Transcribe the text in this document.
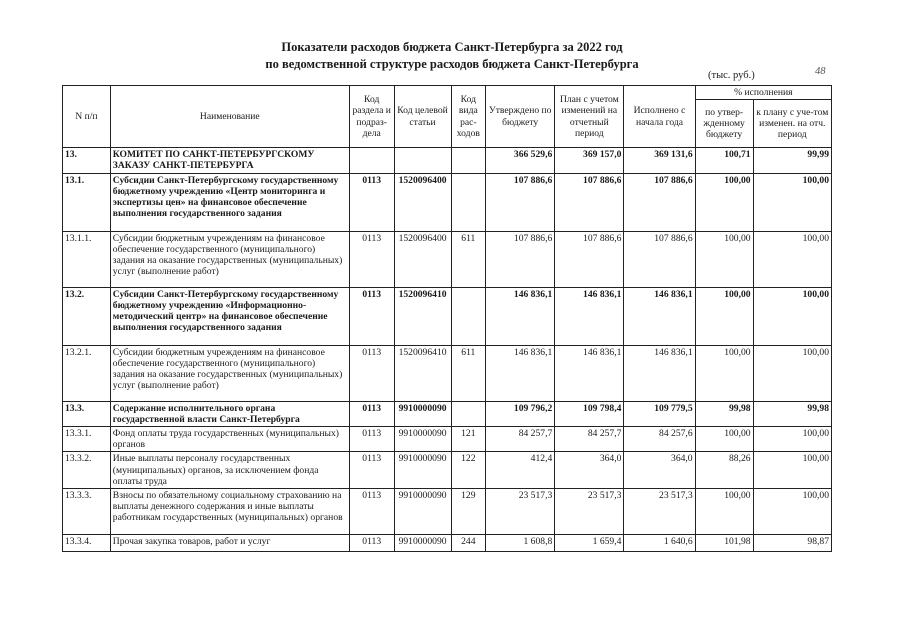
Показатели расходов бюджета Санкт-Петербурга за 2022 год
по ведомственной структуре расходов бюджета Санкт-Петербурга
48
(тыс. руб.)
N п/п	Наименование	Код раздела и подраз-дела	Код целевой статьи	Код вида рас-ходов	Утверждено по бюджету	План с учетом изменений на отчетный период	Исполнено с начала года	% исполнения	
								по утвер-жденному бюджету	к плану с уче-том изменен. на отч. период
13.	КОМИТЕТ ПО САНКТ-ПЕТЕРБУРГСКОМУ ЗАКАЗУ САНКТ-ПЕТЕРБУРГА				366 529,6	369 157,0	369 131,6	100,71	99,99
13.1.	Субсидии Санкт-Петербургскому государственному бюджетному учреждению «Центр мониторинга и экспертизы цен» на финансовое обеспечение выполнения государственного задания	0113	1520096400		107 886,6	107 886,6	107 886,6	100,00	100,00
13.1.1.	Субсидии бюджетным учреждениям на финансовое обеспечение государственного (муниципального) задания на оказание государственных (муниципальных) услуг (выполнение работ)	0113	1520096400	611	107 886,6	107 886,6	107 886,6	100,00	100,00
13.2.	Субсидии Санкт-Петербургскому государственному бюджетному учреждению «Информационно-методический центр» на финансовое обеспечение выполнения государственного задания	0113	1520096410		146 836,1	146 836,1	146 836,1	100,00	100,00
13.2.1.	Субсидии бюджетным учреждениям на финансовое обеспечение государственного (муниципального) задания на оказание государственных (муниципальных) услуг (выполнение работ)	0113	1520096410	611	146 836,1	146 836,1	146 836,1	100,00	100,00
13.3.	Содержание исполнительного органа государственной власти Санкт-Петербурга	0113	9910000090		109 796,2	109 798,4	109 779,5	99,98	99,98
13.3.1.	Фонд оплаты труда государственных (муниципальных) органов	0113	9910000090	121	84 257,7	84 257,7	84 257,6	100,00	100,00
13.3.2.	Иные выплаты персоналу государственных (муниципальных) органов, за исключением фонда оплаты труда	0113	9910000090	122	412,4	364,0	364,0	88,26	100,00
13.3.3.	Взносы по обязательному социальному страхованию на выплаты денежного содержания и иные выплаты работникам государственных (муниципальных) органов	0113	9910000090	129	23 517,3	23 517,3	23 517,3	100,00	100,00
13.3.4.	Прочая закупка товаров, работ и услуг	0113	9910000090	244	1 608,8	1 659,4	1 640,6	101,98	98,87
